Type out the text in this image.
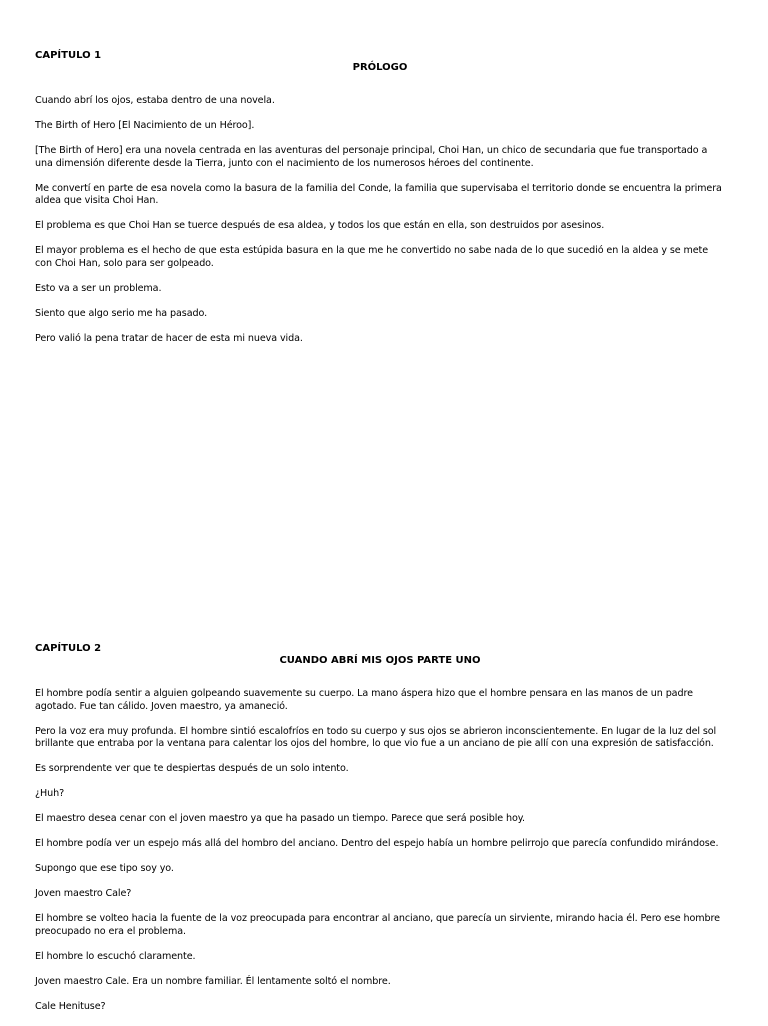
CAPÍTULO 1

PRÓLOGO

Cuando abrí los ojos, estaba dentro de una novela.

The Birth of Hero [El Nacimiento de un Héroo].

[The Birth of Hero] era una novela centrada en las aventuras del personaje principal, Choi Han, un chico de secundaria que fue transportado a una dimensión diferente desde la Tierra, junto con el nacimiento de los numerosos héroes del continente.

Me convertí en parte de esa novela como la basura de la familia del Conde, la familia que supervisaba el territorio donde se encuentra la primera aldea que visita Choi Han.

El problema es que Choi Han se tuerce después de esa aldea, y todos los que están en ella, son destruidos por asesinos.

El mayor problema es el hecho de que esta estúpida basura en la que me he convertido no sabe nada de lo que sucedió en la aldea y se mete con Choi Han, solo para ser golpeado.

Esto va a ser un problema.

Siento que algo serio me ha pasado.

Pero valió la pena tratar de hacer de esta mi nueva vida.

CAPÍTULO 2

CUANDO ABRÍ MIS OJOS PARTE UNO

El hombre podía sentir a alguien golpeando suavemente su cuerpo. La mano áspera hizo que el hombre pensara en las manos de un padre agotado. Fue tan cálido. Joven maestro, ya amaneció.

Pero la voz era muy profunda. El hombre sintió escalofríos en todo su cuerpo y sus ojos se abrieron inconscientemente. En lugar de la luz del sol brillante que entraba por la ventana para calentar los ojos del hombre, lo que vio fue a un anciano de pie allí con una expresión de satisfacción.

Es sorprendente ver que te despiertas después de un solo intento.

¿Huh?

El maestro desea cenar con el joven maestro ya que ha pasado un tiempo. Parece que será posible hoy.

El hombre podía ver un espejo más allá del hombro del anciano. Dentro del espejo había un hombre pelirrojo que parecía confundido mirándose.

Supongo que ese tipo soy yo.

Joven maestro Cale?

El hombre se volteo hacia la fuente de la voz preocupada para encontrar al anciano, que parecía un sirviente, mirando hacia él. Pero ese hombre preocupado no era el problema.

El hombre lo escuchó claramente.

Joven maestro Cale. Era un nombre familiar. Él lentamente soltó el nombre.

Cale Henituse?
